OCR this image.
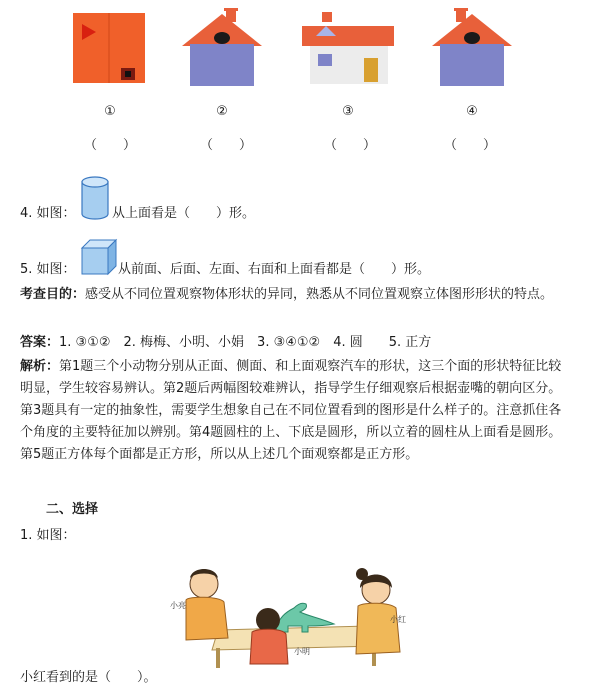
①	②	③	④
（　　）	（　　）	（　　）	（　　）
4. 如图：	从上面看是（　　）形。
5. 如图：	从前面、后面、左面、右面和上面看都是（　　）形。
考查目的：感受从不同位置观察物体形状的异同，熟悉从不同位置观察立体图形形状的特点。
答案：1. ③①②　2. 梅梅、小明、小娟　3. ③④①②　4. 圆　　5. 正方
解析：第1题三个小动物分别从正面、侧面、和上面观察汽车的形状，这三个面的形状特征比较明显，学生较容易辨认。第2题后两幅图较难辨认，指导学生仔细观察后根据壶嘴的朝向区分。第3题具有一定的抽象性，需要学生想象自己在不同位置看到的图形是什么样子的。注意抓住各个角度的主要特征加以辨别。第4题圆柱的上、下底是圆形，所以立着的圆柱从上面看是圆形。第5题正方体每个面都是正方形，所以从上述几个面观察都是正方形。
二、选择
1. 如图：
小亮
小红
小明
小红看到的是（　　）。
